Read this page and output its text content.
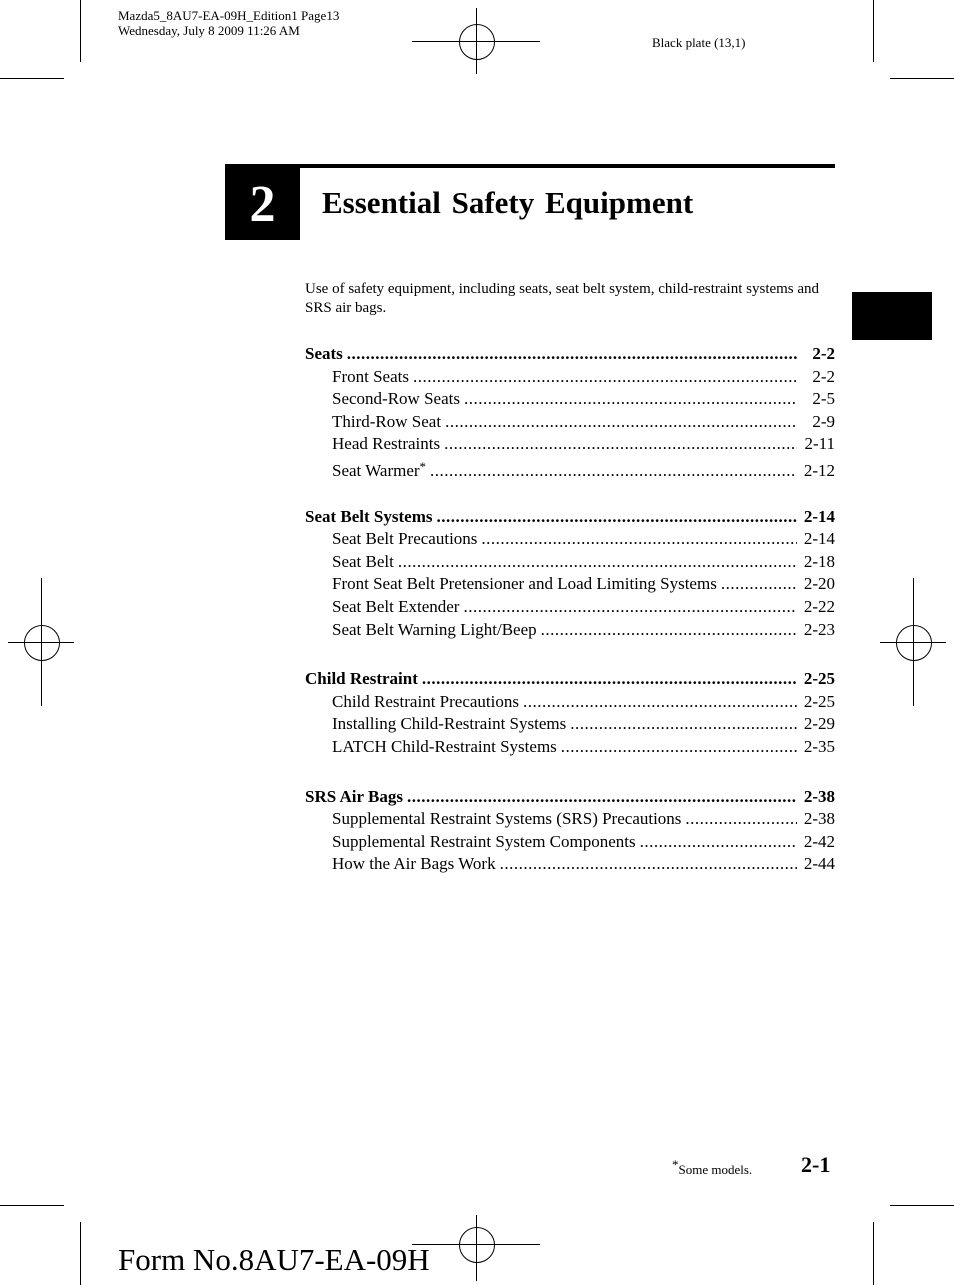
Mazda5_8AU7-EA-09H_Edition1 Page13
Wednesday, July 8 2009 11:26 AM
Black plate (13,1)
2 Essential Safety Equipment
Use of safety equipment, including seats, seat belt system, child-restraint systems and SRS air bags.
Seats .....	2-2
Front Seats .....	2-2
Second-Row Seats .....	2-5
Third-Row Seat .....	2-9
Head Restraints .....	2-11
Seat Warmer* .....	2-12
Seat Belt Systems .....	2-14
Seat Belt Precautions .....	2-14
Seat Belt .....	2-18
Front Seat Belt Pretensioner and Load Limiting Systems .....	2-20
Seat Belt Extender .....	2-22
Seat Belt Warning Light/Beep .....	2-23
Child Restraint .....	2-25
Child Restraint Precautions .....	2-25
Installing Child-Restraint Systems .....	2-29
LATCH Child-Restraint Systems .....	2-35
SRS Air Bags .....	2-38
Supplemental Restraint Systems (SRS) Precautions .....	2-38
Supplemental Restraint System Components .....	2-42
How the Air Bags Work .....	2-44
*Some models. 2-1
Form No.8AU7-EA-09H
